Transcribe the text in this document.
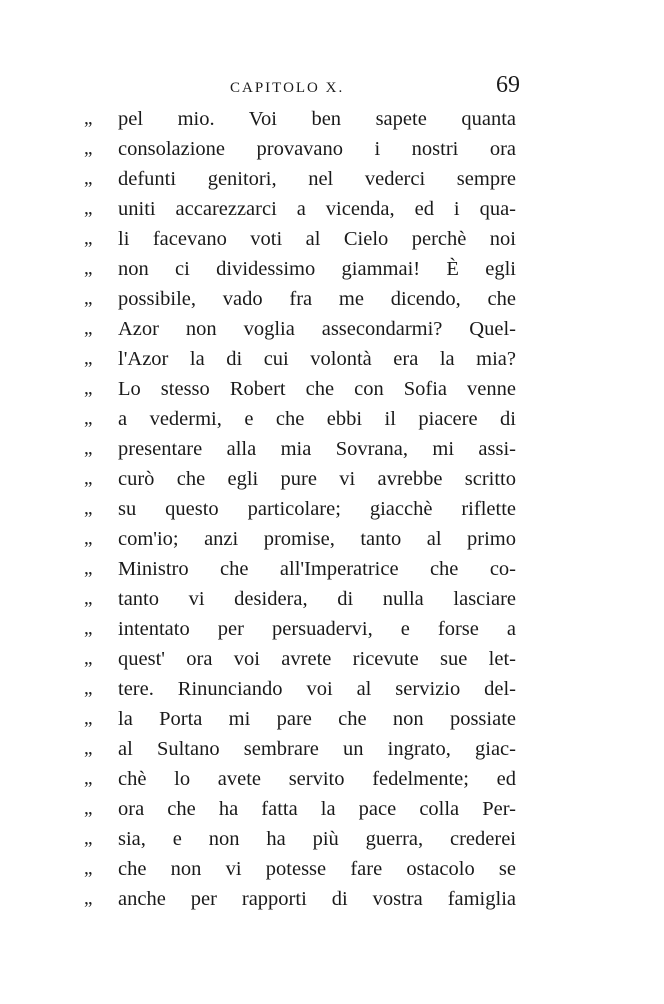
CAPITOLO X.	69
„	pel mio. Voi ben sapete quanta
„	consolazione provavano i nostri ora
„	defunti genitori, nel vederci sempre
„	uniti accarezzarci a vicenda, ed i qua-
„	li facevano voti al Cielo perchè noi
„	non ci dividessimo giammai! È egli
„	possibile, vado fra me dicendo, che
„	Azor non voglia assecondarmi? Quel-
„	l'Azor la di cui volontà era la mia?
„	Lo stesso Robert che con Sofia venne
„	a vedermi, e che ebbi il piacere di
„	presentare alla mia Sovrana, mi assi-
„	curò che egli pure vi avrebbe scritto
„	su questo particolare; giacchè riflette
„	com'io; anzi promise, tanto al primo
„	Ministro che all'Imperatrice che co-
„	tanto vi desidera, di nulla lasciare
„	intentato per persuadervi, e forse a
„	quest' ora voi avrete ricevute sue let-
„	tere. Rinunciando voi al servizio del-
„	la Porta mi pare che non possiate
„	al Sultano sembrare un ingrato, giac-
„	chè lo avete servito fedelmente; ed
„	ora che ha fatta la pace colla Per-
„	sia, e non ha più guerra, crederei
„	che non vi potesse fare ostacolo se
„	anche per rapporti di vostra famiglia
